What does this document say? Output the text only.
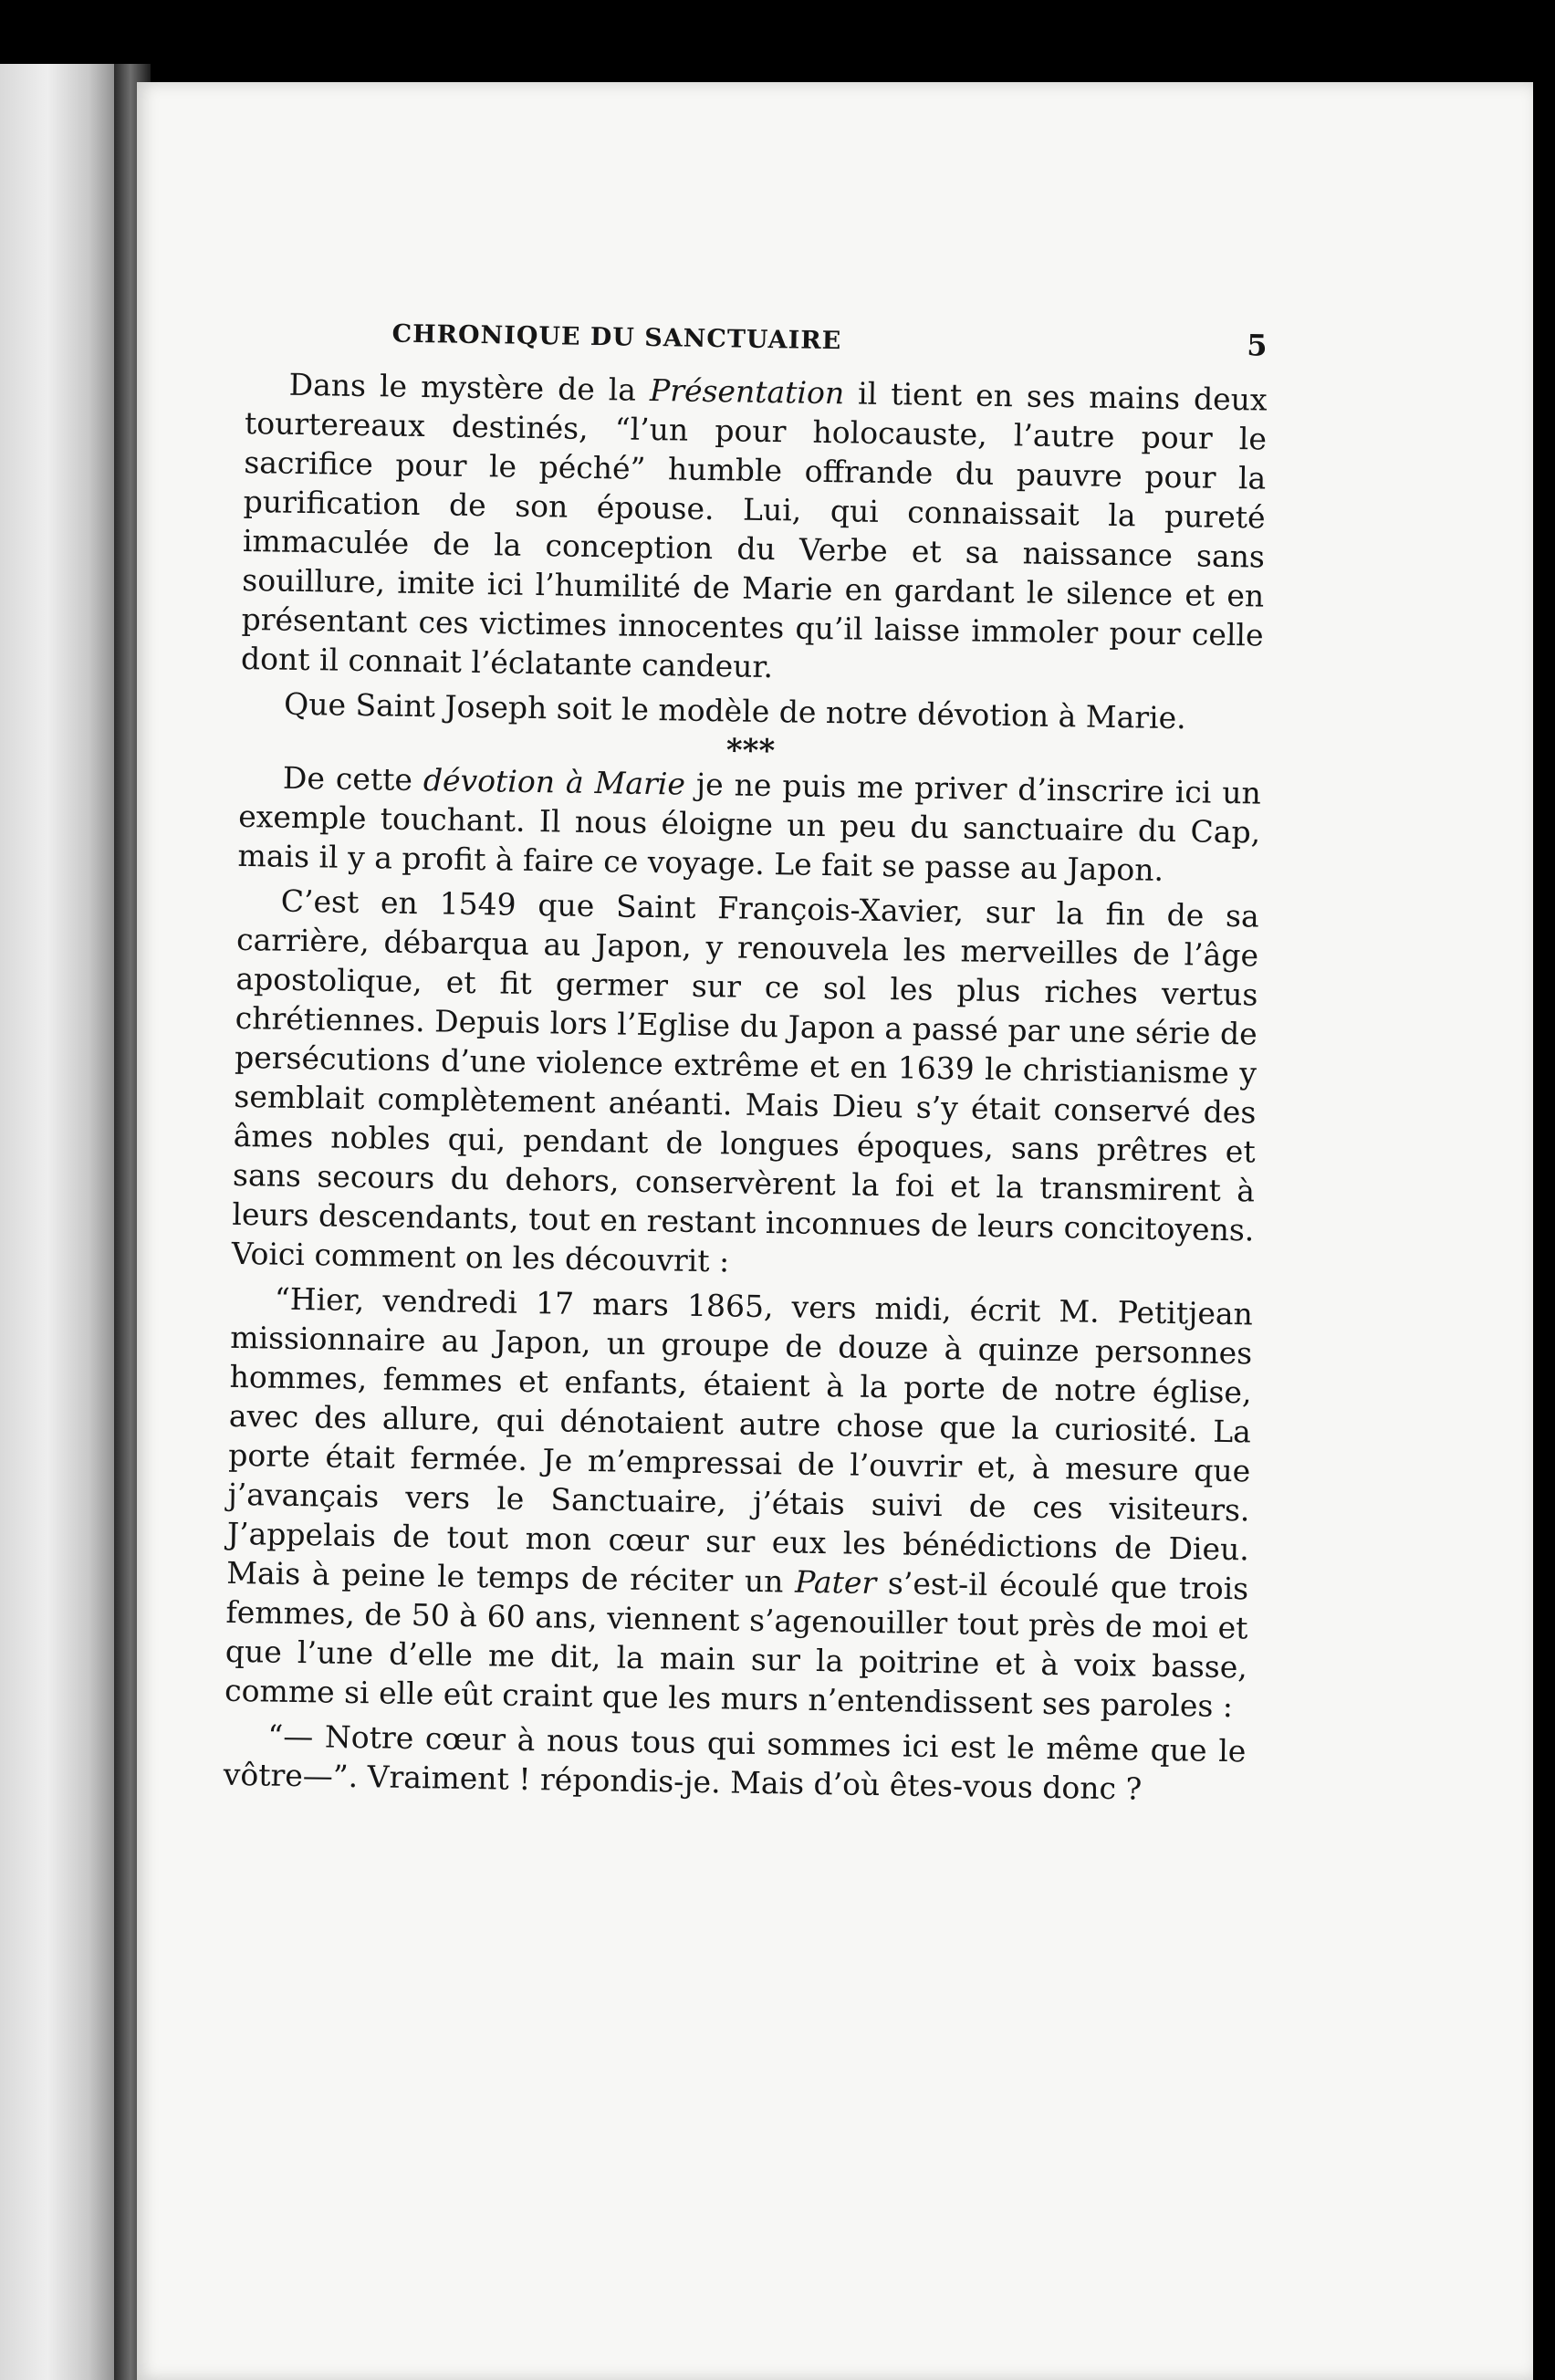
CHRONIQUE DU SANCTUAIRE	5

Dans le mystère de la Présentation il tient en ses mains deux tourtereaux destinés, “l’un pour holocauste, l’autre pour le sacrifice pour le péché” humble offrande du pauvre pour la purification de son épouse. Lui, qui connaissait la pureté immaculée de la conception du Verbe et sa naissance sans souillure, imite ici l’humilité de Marie en gardant le silence et en présentant ces victimes innocentes qu’il laisse immoler pour celle dont il connait l’éclatante candeur.

Que Saint Joseph soit le modèle de notre dévotion à Marie.

***

De cette dévotion à Marie je ne puis me priver d’inscrire ici un exemple touchant. Il nous éloigne un peu du sanctuaire du Cap, mais il y a profit à faire ce voyage. Le fait se passe au Japon.

C’est en 1549 que Saint François-Xavier, sur la fin de sa carrière, débarqua au Japon, y renouvela les merveilles de l’âge apostolique, et fit germer sur ce sol les plus riches vertus chrétiennes. Depuis lors l’Eglise du Japon a passé par une série de persécutions d’une violence extrême et en 1639 le christianisme y semblait complètement anéanti. Mais Dieu s’y était conservé des âmes nobles qui, pendant de longues époques, sans prêtres et sans secours du dehors, conservèrent la foi et la transmirent à leurs descendants, tout en restant inconnues de leurs concitoyens. Voici comment on les découvrit :

“Hier, vendredi 17 mars 1865, vers midi, écrit M. Petitjean missionnaire au Japon, un groupe de douze à quinze personnes hommes, femmes et enfants, étaient à la porte de notre église, avec des allure, qui dénotaient autre chose que la curiosité. La porte était fermée. Je m’empressai de l’ouvrir et, à mesure que j’avançais vers le Sanctuaire, j’étais suivi de ces visiteurs. J’appelais de tout mon cœur sur eux les bénédictions de Dieu. Mais à peine le temps de réciter un Pater s’est-il écoulé que trois femmes, de 50 à 60 ans, viennent s’agenouiller tout près de moi et que l’une d’elle me dit, la main sur la poitrine et à voix basse, comme si elle eût craint que les murs n’entendissent ses paroles :

“— Notre cœur à nous tous qui sommes ici est le même que le vôtre—”. Vraiment ! répondis-je. Mais d’où êtes-vous donc ?
